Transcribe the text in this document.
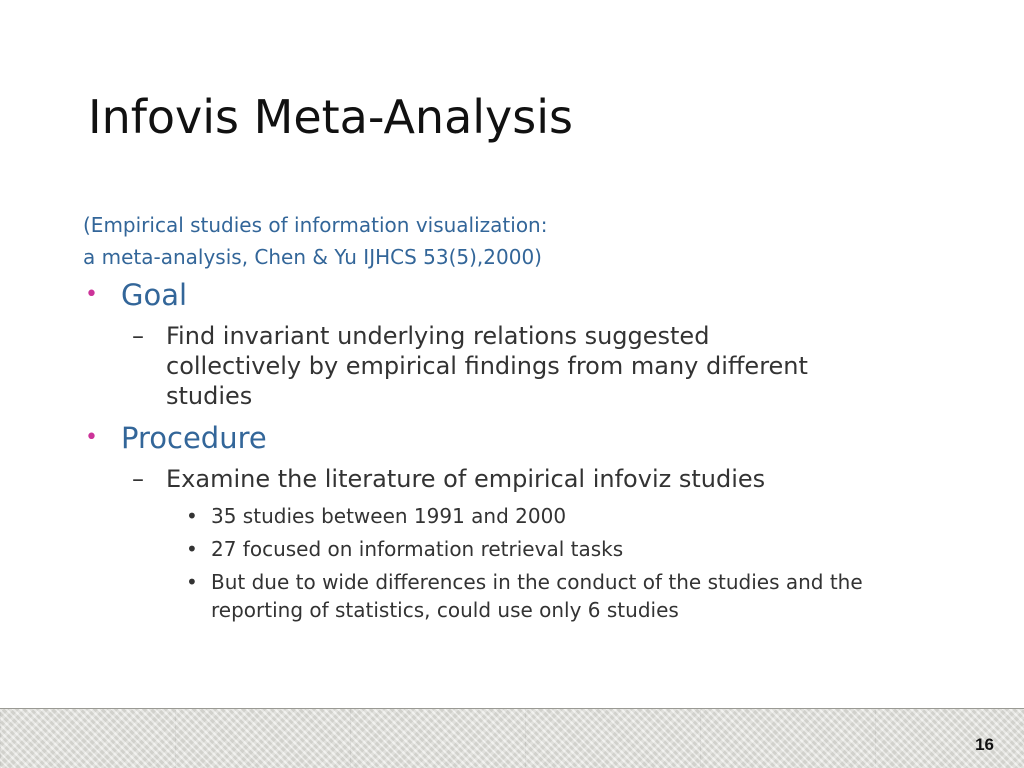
Infovis Meta-Analysis
(Empirical studies of information visualization:
a meta-analysis, Chen & Yu IJHCS 53(5),2000)
• Goal
– Find invariant underlying relations suggested collectively by empirical findings from many different studies
• Procedure
– Examine the literature of empirical infoviz studies
• 35 studies between 1991 and 2000
• 27 focused on information retrieval tasks
• But due to wide differences in the conduct of the studies and the reporting of statistics, could use only 6 studies
16
